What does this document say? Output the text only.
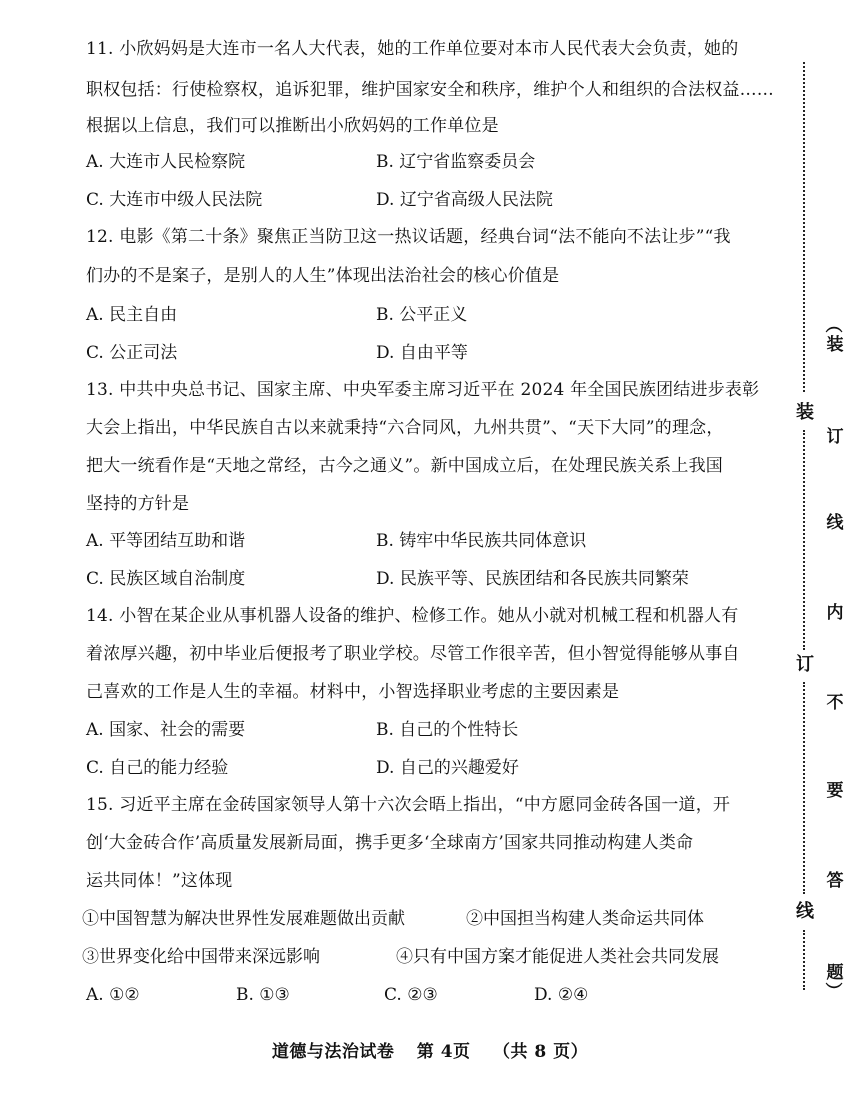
11. 小欣妈妈是大连市一名人大代表，她的工作单位要对本市人民代表大会负责，她的
职权包括：行使检察权，追诉犯罪，维护国家安全和秩序，维护个人和组织的合法权益……
根据以上信息，我们可以推断出小欣妈妈的工作单位是
A. 大连市人民检察院	B. 辽宁省监察委员会
C. 大连市中级人民法院	D. 辽宁省高级人民法院
12. 电影《第二十条》聚焦正当防卫这一热议话题，经典台词“法不能向不法让步”“我
们办的不是案子，是别人的人生”体现出法治社会的核心价值是
A. 民主自由	B. 公平正义
C. 公正司法	D. 自由平等
13. 中共中央总书记、国家主席、中央军委主席习近平在 2024 年全国民族团结进步表彰
大会上指出，中华民族自古以来就秉持“六合同风，九州共贯”、“天下大同”的理念，
把大一统看作是“天地之常经，古今之通义”。新中国成立后，在处理民族关系上我国
坚持的方针是
A. 平等团结互助和谐	B. 铸牢中华民族共同体意识
C. 民族区域自治制度	D. 民族平等、民族团结和各民族共同繁荣
14. 小智在某企业从事机器人设备的维护、检修工作。她从小就对机械工程和机器人有
着浓厚兴趣，初中毕业后便报考了职业学校。尽管工作很辛苦，但小智觉得能够从事自
己喜欢的工作是人生的幸福。材料中，小智选择职业考虑的主要因素是
A. 国家、社会的需要	B. 自己的个性特长
C. 自己的能力经验	D. 自己的兴趣爱好
15. 习近平主席在金砖国家领导人第十六次会晤上指出，“中方愿同金砖各国一道，开
创‘大金砖合作’高质量发展新局面，携手更多‘全球南方’国家共同推动构建人类命
运共同体！”这体现
①中国智慧为解决世界性发展难题做出贡献	②中国担当构建人类命运共同体
③世界变化给中国带来深远影响	④只有中国方案才能促进人类社会共同发展
A. ①②	B. ①③	C. ②③	D. ②④
道德与法治试卷 第 4页 （共 8 页）
装
订
线
（
装
订
线
内
不
要
答
题
）
